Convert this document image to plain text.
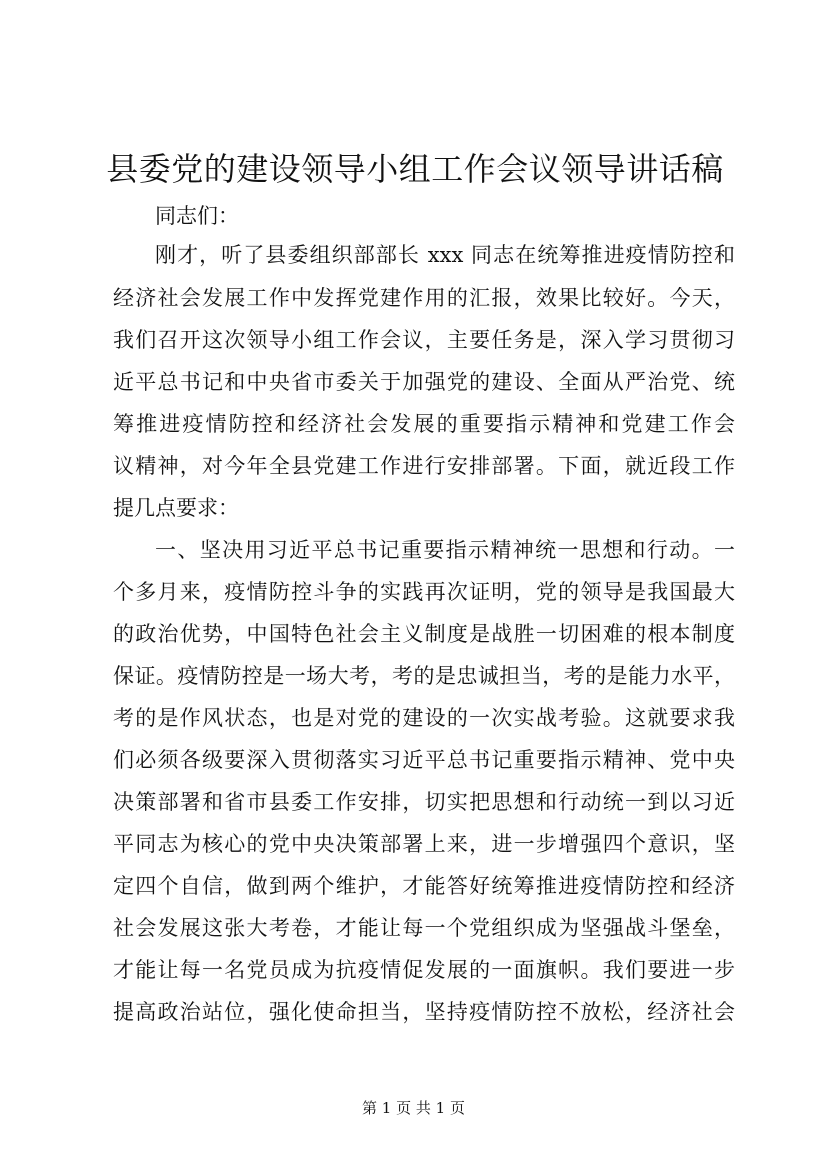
县委党的建设领导小组工作会议领导讲话稿
同志们：
刚才，听了县委组织部部长 xxx 同志在统筹推进疫情防控和
经济社会发展工作中发挥党建作用的汇报，效果比较好。今天，
我们召开这次领导小组工作会议，主要任务是，深入学习贯彻习
近平总书记和中央省市委关于加强党的建设、全面从严治党、统
筹推进疫情防控和经济社会发展的重要指示精神和党建工作会
议精神，对今年全县党建工作进行安排部署。下面，就近段工作
提几点要求：
一、坚决用习近平总书记重要指示精神统一思想和行动。一
个多月来，疫情防控斗争的实践再次证明，党的领导是我国最大
的政治优势，中国特色社会主义制度是战胜一切困难的根本制度
保证。疫情防控是一场大考，考的是忠诚担当，考的是能力水平，
考的是作风状态，也是对党的建设的一次实战考验。这就要求我
们必须各级要深入贯彻落实习近平总书记重要指示精神、党中央
决策部署和省市县委工作安排，切实把思想和行动统一到以习近
平同志为核心的党中央决策部署上来，进一步增强四个意识，坚
定四个自信，做到两个维护，才能答好统筹推进疫情防控和经济
社会发展这张大考卷，才能让每一个党组织成为坚强战斗堡垒，
才能让每一名党员成为抗疫情促发展的一面旗帜。我们要进一步
提高政治站位，强化使命担当，坚持疫情防控不放松，经济社会
第 1 页 共 1 页
